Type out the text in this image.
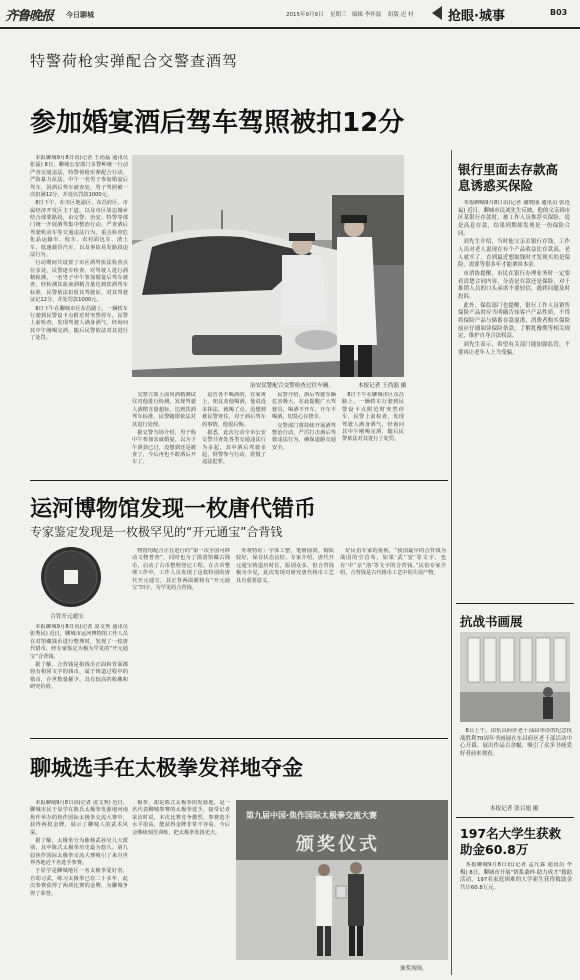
齐鲁晚报 今日聊城	2015年9月9日 星期三 编辑 李怀磊 组版 迟 村	抢眼·城事	B03
特警荷枪实弹配合交警查酒驾
参加婚宴酒后驾车驾照被扣12分

本报聊城9月8日讯(记者 王尚磊 通讯员 张磊) 8日，聊城公安部门多警种统一行动严查交通违法，特警荷枪实弹配合行动，严防暴力抗法。中午一名男子参加婚宴后驾车，因酒后驾车被查处，男子驾照被一次扣满12分，并处以罚款1000元。

8日下午，在市区地浦区、东昌府区、市属经济开发区主干道，以及市区周边城乡结合部要路段，由交警、治安、特警等部门统一开展酒驾集中整治行动，严查酒后驾驶机动车等交通违法行为。重点检查危化品运输车、校车、农村面包车、渣土车、低速载货汽车，以及事故易发路段违法行为。

行动期间共设置了市区酒驾执法检查点位多处，民警逐车检查，对驾驶人进行酒精检测，一名男子中午参加婚宴后驾车被查，经检测其血液酒精含量达到饮酒驾车标准，民警依法扣留其驾驶证，对其驾驶证记12分，并处罚款1000元。

8日下午在聊城市区东昌路上，一辆轿车行驶到民警设卡点附近时突然停车，民警上前检查，发现驾驶人满身酒气，经询问其中午刚喝完酒，随后民警依法对其进行了处罚。

治安民警配合交警检查过往车辆。	本报记者 王尚磊 摄

交警立即上前用酒精测试仪对他进行检测，发现驾驶人酒精含量超标，达到饮酒驾车标准，民警随即依法对其进行处理。

据交警当场介绍，男子称中午参加亲戚婚宴，以为下午酒劲已过，没想到还是被查了，今后再也不敢酒后开车了。

是晋各不喝酒的，在家爽上，朋友劝他喝酒，他说没多抹法，就喝了点。没想到被民警查住，对于酒后驾车的事情，他很后悔。

据悉，此次行动全市公安交警共查处各类交通违法行为多起，其中酒后驾驶多起，特警参与行动，震慑了违法犯罪。

民警介绍，酒后驾驶车辆危害极大，在此提醒广大驾驶员，喝酒不开车，开车不喝酒，切莫心存侥幸。

交警部门将持续开展酒驾整治行动，严厉打击酒后驾驶违法行为，确保道路交通安全。

8日下午在聊城市区东昌路上，一辆轿车行驶到民警设卡点附近时突然停车，民警上前检查，发现驾驶人满身酒气，经询问其中午刚喝完酒，随后民警依法对其进行了处罚。

银行里面去存款高息诱惑买保险

本报聊城9月8日讯(记者 谢晓丽 通讯员 张连福) 近日，聊城市民刘先生反映，他的父亲到市区某银行存款时，被工作人员推荐买保险，说是高息存款，结果到期却发现是一份保险合同。

刘先生介绍，当时他父亲去银行存钱，工作人员对老人说现在有个产品收益比存款高，老人就买了，直到最近想取钱时才发现买的是保险，需要等很多年才能拿回本金。

市消协提醒，市民在银行办理业务时一定要看清楚合同内容，分清是存款还是保险，对于推销人员的口头承诺不要轻信，遇到问题及时投诉。

此外，保监部门也提醒，银行工作人员销售保险产品时应当明确告知客户产品性质，不得将保险产品与储蓄存款混淆，消费者购买保险前应仔细阅读保险条款，了解犹豫期等相关规定，维护自身合法权益。

刘先生表示，希望有关部门能加强监管，不要再让老年人上当受骗。

抗战书画展

8日上午，由东昌府区老干部局举办的纪念抗战胜利70周年书画展在东昌府区老干部活动中心开幕，展出作品百余幅，吸引了众多书画爱好者前来观看。

本报记者 张召旭 摄
197名大学生获救助金60.8万

本报聊城9月8日讯(记者 孟凡霖 通讯员 李梅) 8日，聊城市开展“情系桑梓·助力成才”救助活动，197名家庭困难的大学新生获得救助金共计60.8万元。

运河博物馆发现一枚唐代错币
专家鉴定发现是一枚极罕见的“开元通宝”合背钱
合背开元通宝

本报聊城9月8日讯(记者 凌文秀 通讯员 张秀民) 近日，聊城市运河博物馆工作人员在对馆藏钱币进行整理时，发现了一枚唐代错币，经专家鉴定为极为罕见的“开元通宝”合背钱。

据了解，合背钱是指钱币正面和背面都铸有相同文字的钱币，属于铸造过程中的错币，存世数量稀少，具有较高的收藏和研究价值。

物馆均配合正在进行的“第一次全国可移动文物普查”，同时也为了摸清馆藏古钱币，启动了古币整理登记工程。在古币整理工作中，工作人员发现了这枚特别的唐代开元通宝，其正背两面都铸有“开元通宝”四字，为罕见的合背钱。

外观特征：字体工整，笔画圆润，铜质较好，保存状态良好。专家介绍，唐代开元通宝铸造历时长，版别众多，但合背钱极为少见，此次发现对研究唐代铸币工艺具有重要意义。

好民俗专家的重视，“我国最早的合背钱为战国的空首布，如果‘武’‘安’等文字，也有‘中’‘京’‘洛’等文字的合背钱。”民俗专家介绍，合背钱是古代铸币工艺中的失误产物。

聊城选手在太极拳发祥地夺金

本报聊城9月8日讯(记者 凌文秀) 近日，聊城市民于显学在陈氏太极拳发源地河南焦作举办的焦作国际太极拳交流大赛中，获得两枚金牌，展示了聊城人的武术风采。

据了解，太极拳分为陈杨武孙吴几大派别，其中陈式太极拳历史最为悠久。第九届焦作国际太极拳交流大赛吸引了来自世界各地近千名选手参赛。

于显学是聊城地区一名太极拳爱好者，自幼习武，练习太极拳已有二十多年，此次参赛获得了两项比赛的金牌，为聊城争得了荣誉。

极拳，却是陈式太极拳的发源地，是一名代表聊城参赛的太极拳选手，接受记者采访时说，本次比赛竞争激烈，参赛选手水平很高，能获得金牌非常不容易，今后会继续刻苦训练，把太极拳发扬光大。

第九届中国·焦作国际太极拳交流大赛
颁奖仪式
颁奖现场。
